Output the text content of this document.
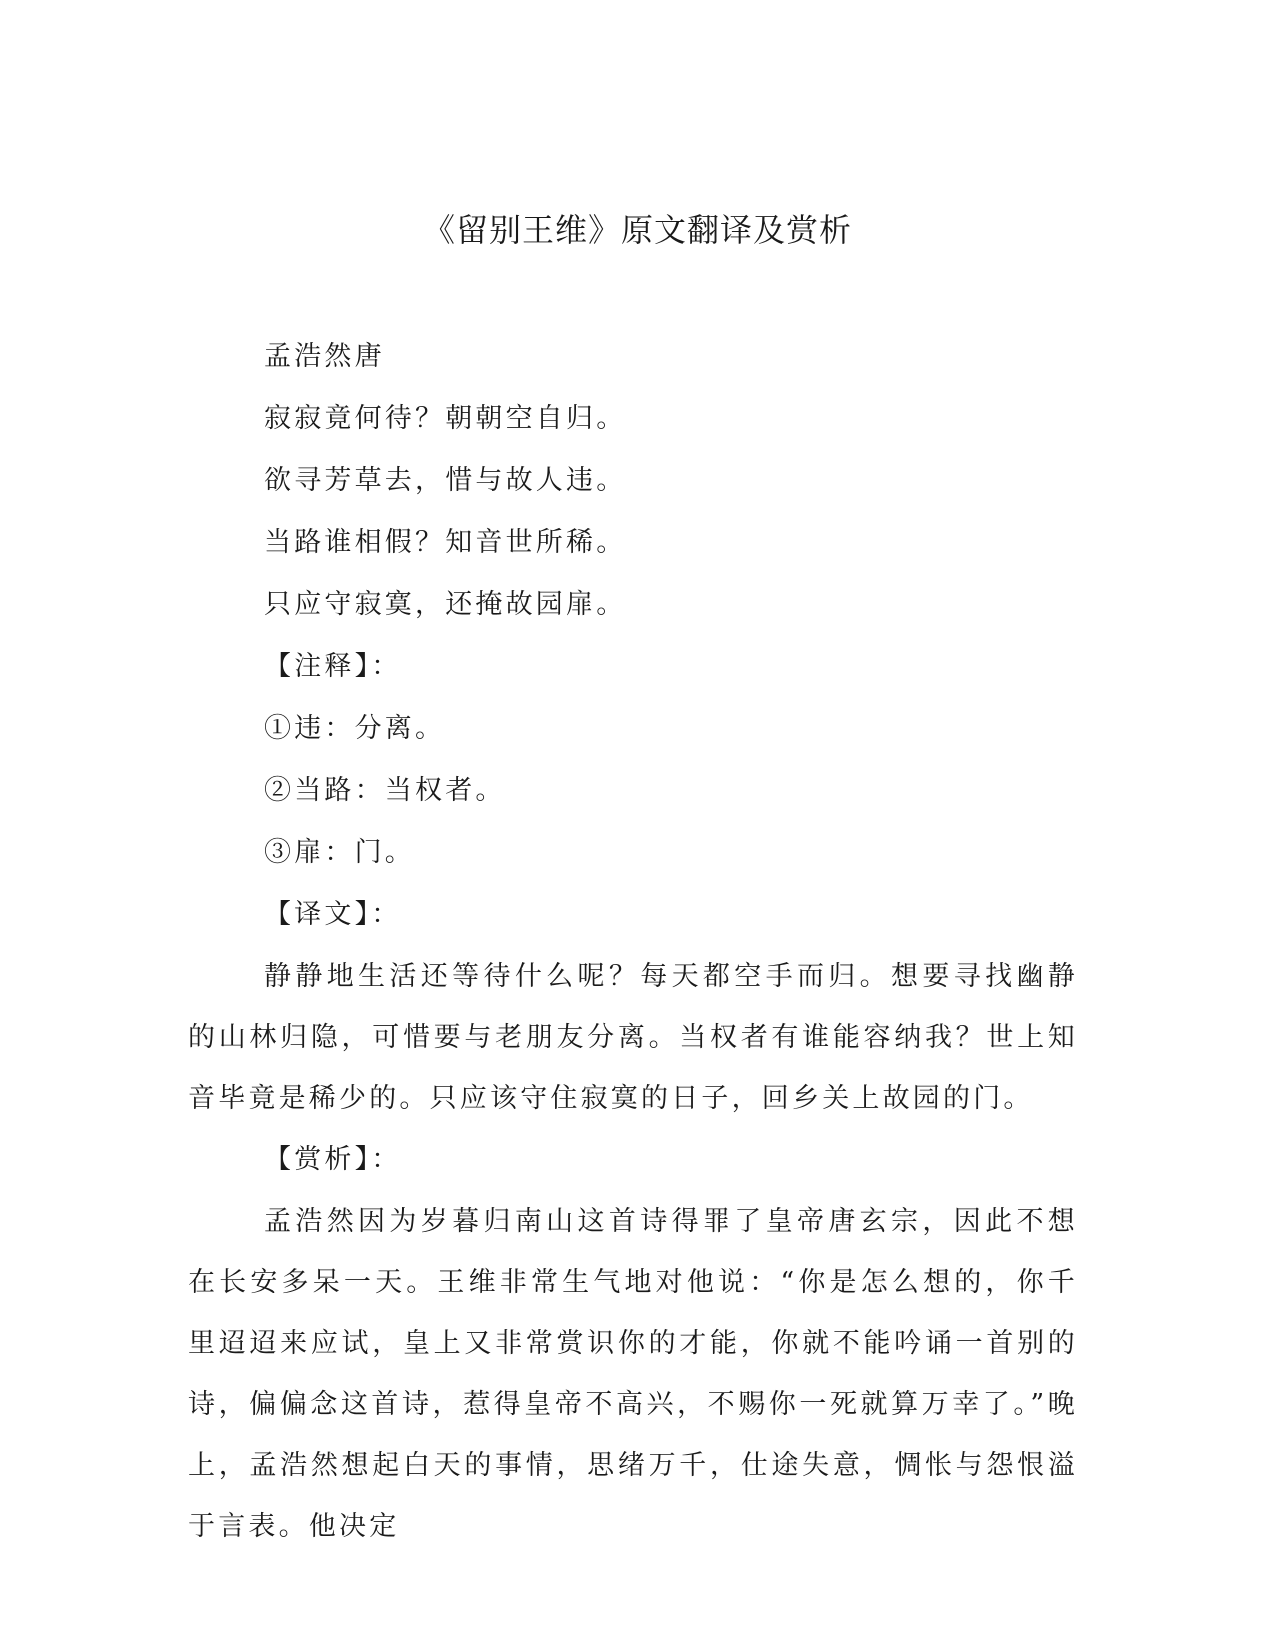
《留别王维》原文翻译及赏析

孟浩然唐

寂寂竟何待？朝朝空自归。

欲寻芳草去，惜与故人违。

当路谁相假？知音世所稀。

只应守寂寞，还掩故园扉。

【注释】：

①违：分离。

②当路：当权者。

③扉：门。

【译文】：

静静地生活还等待什么呢？每天都空手而归。想要寻找幽静的山林归隐，可惜要与老朋友分离。当权者有谁能容纳我？世上知音毕竟是稀少的。只应该守住寂寞的日子，回乡关上故园的门。

【赏析】：

孟浩然因为岁暮归南山这首诗得罪了皇帝唐玄宗，因此不想在长安多呆一天。王维非常生气地对他说：“你是怎么想的，你千里迢迢来应试，皇上又非常赏识你的才能，你就不能吟诵一首别的诗，偏偏念这首诗，惹得皇帝不高兴，不赐你一死就算万幸了。”晚上，孟浩然想起白天的事情，思绪万千，仕途失意，惆怅与怨恨溢于言表。他决定
